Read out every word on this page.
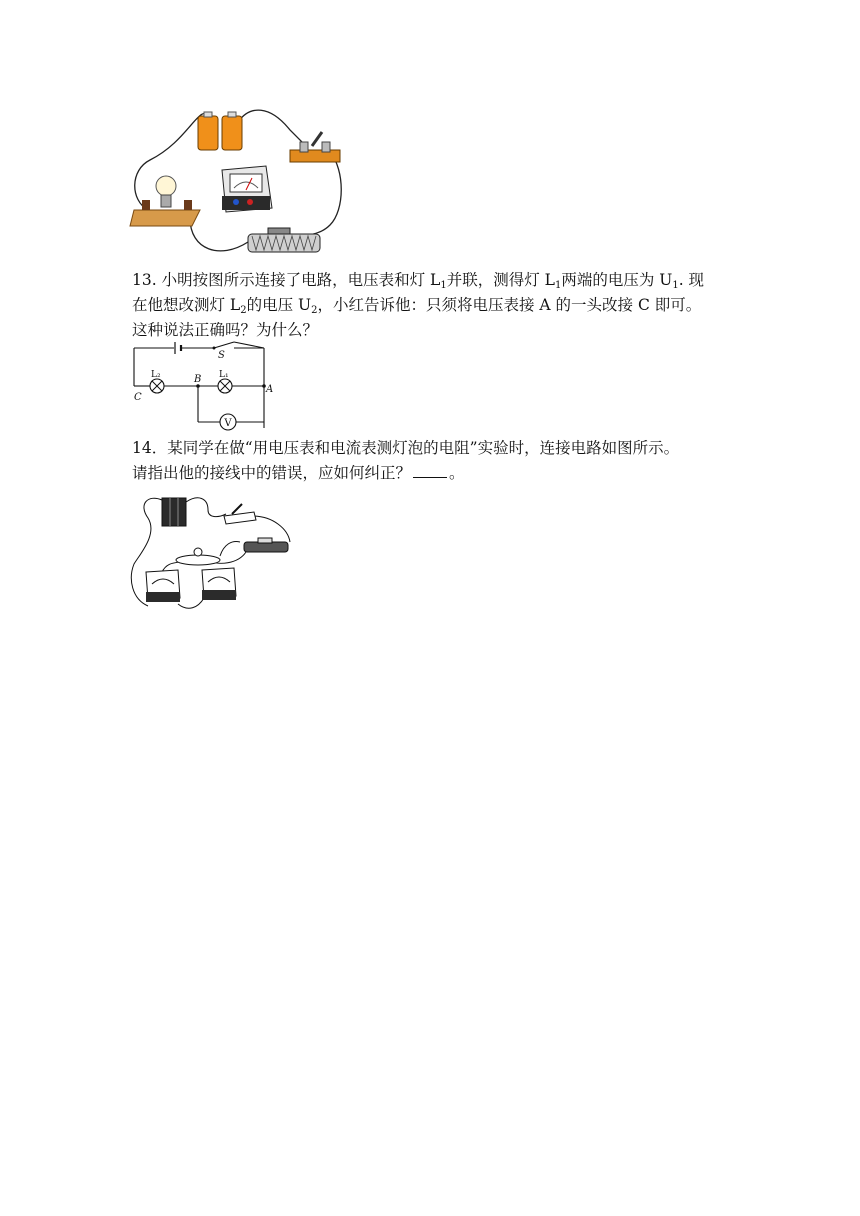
13. 小明按图所示连接了电路，电压表和灯 $L_1$并联，测得灯 $L_1$两端的电压为 $U_1$. 现

在他想改测灯 $L_2$的电压 $U_2$，小红告诉他：只须将电压表接 A 的一头改接 C 即可。

这种说法正确吗？为什么？

V
S
L₂	L₁
B
A
C

14．某同学在做“用电压表和电流表测灯泡的电阻”实验时，连接电路如图所示。

请指出他的接线中的错误，应如何纠正？ 。
